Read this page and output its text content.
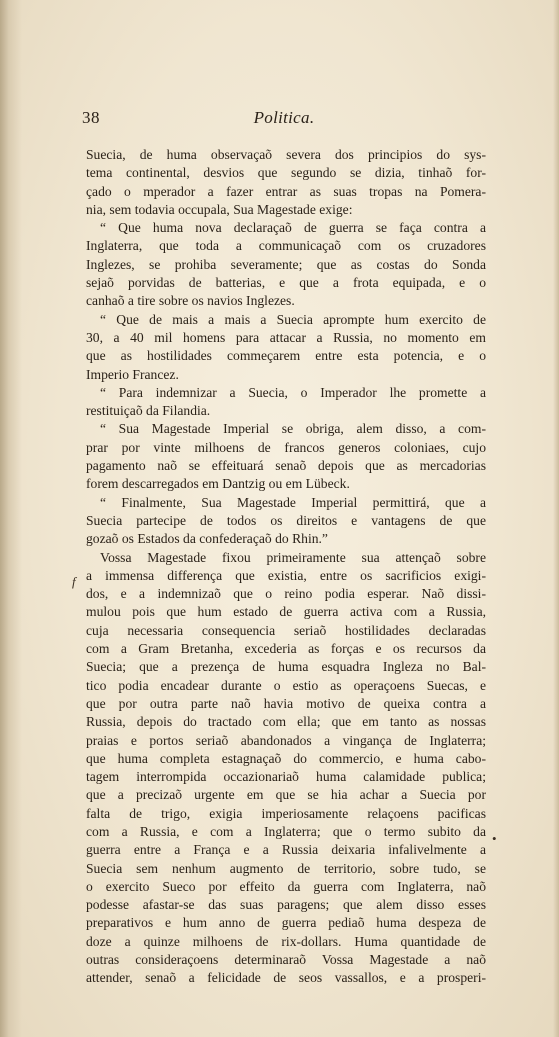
38	Politica.
Suecia, de huma observaçaõ severa dos principios do sys-
tema continental, desvios que segundo se dizia, tinhaõ for-
çado o mperador a fazer entrar as suas tropas na Pomera-
nia, sem todavia occupala, Sua Magestade exige:
“ Que huma nova declaraçaõ de guerra se faça contra a
Inglaterra, que toda a communicaçaõ com os cruzadores
Inglezes, se prohiba severamente; que as costas do Sonda
sejaõ porvidas de batterias, e que a frota equipada, e o
canhaõ a tire sobre os navios Inglezes.
“ Que de mais a mais a Suecia apromptе hum exercito de
30, a 40 mil homens para attacar a Russia, no momento em
que as hostilidades commeçarem entre esta potencia, e o
Imperio Francez.
“ Para indemnizar a Suecia, o Imperador lhe promette a
restituiçaõ da Filandia.
“ Sua Magestade Imperial se obriga, alem disso, a com-
prar por vinte milhoens de francos generos coloniaes, cujo
pagamento naõ se effeituará senaõ depois que as mercadorias
forem descarregados em Dantzig ou em Lübeck.
“ Finalmente, Sua Magestade Imperial permittirá, que a
Suecia partecipe de todos os direitos e vantagens de que
gozaõ os Estados da confederaçaõ do Rhin.”
Vossa Magestade fixou primeiramente sua attençaõ sobre
a immensa differença que existia, entre os sacrificios exigi-
dos, e a indemnizaõ que o reino podia esperar. Naõ dissi-
mulou pois que hum estado de guerra activa com a Russia,
cuja necessaria consequencia seriaõ hostilidades declaradas
com a Gram Bretanha, excederia as forças e os recursos da
Suecia; que a prezença de huma esquadra Ingleza no Bal-
tico podia encadear durante o estio as operaçoens Suecas, e
que por outra parte naõ havia motivo de queixa contra a
Russia, depois do tractado com ella; que em tanto as nossas
praias e portos seriaõ abandonados a vingança de Inglaterra;
que huma completa estagnaçaõ do commercio, e huma cabo-
tagem interrompida occazionariaõ huma calamidade publica;
que a precizaõ urgente em que se hia achar a Suecia por
falta de trigo, exigia imperiosamente relaçoens pacificas
com a Russia, e com a Inglaterra; que o termo subito da
guerra entre a França e a Russia deixaria infalivelmente a
Suecia sem nenhum augmento de territorio, sobre tudo, se
o exercito Sueco por effeito da guerra com Inglaterra, naõ
podesse afastar-se das suas paragens; que alem disso esses
preparativos e hum anno de guerra pediaõ huma despeza de
doze a quinze milhoens de rix-dollars. Huma quantidade de
outras consideraçoens determinaraõ Vossa Magestade a naõ
attender, senaõ a felicidade de seos vassallos, e a prosperi-
f
•
